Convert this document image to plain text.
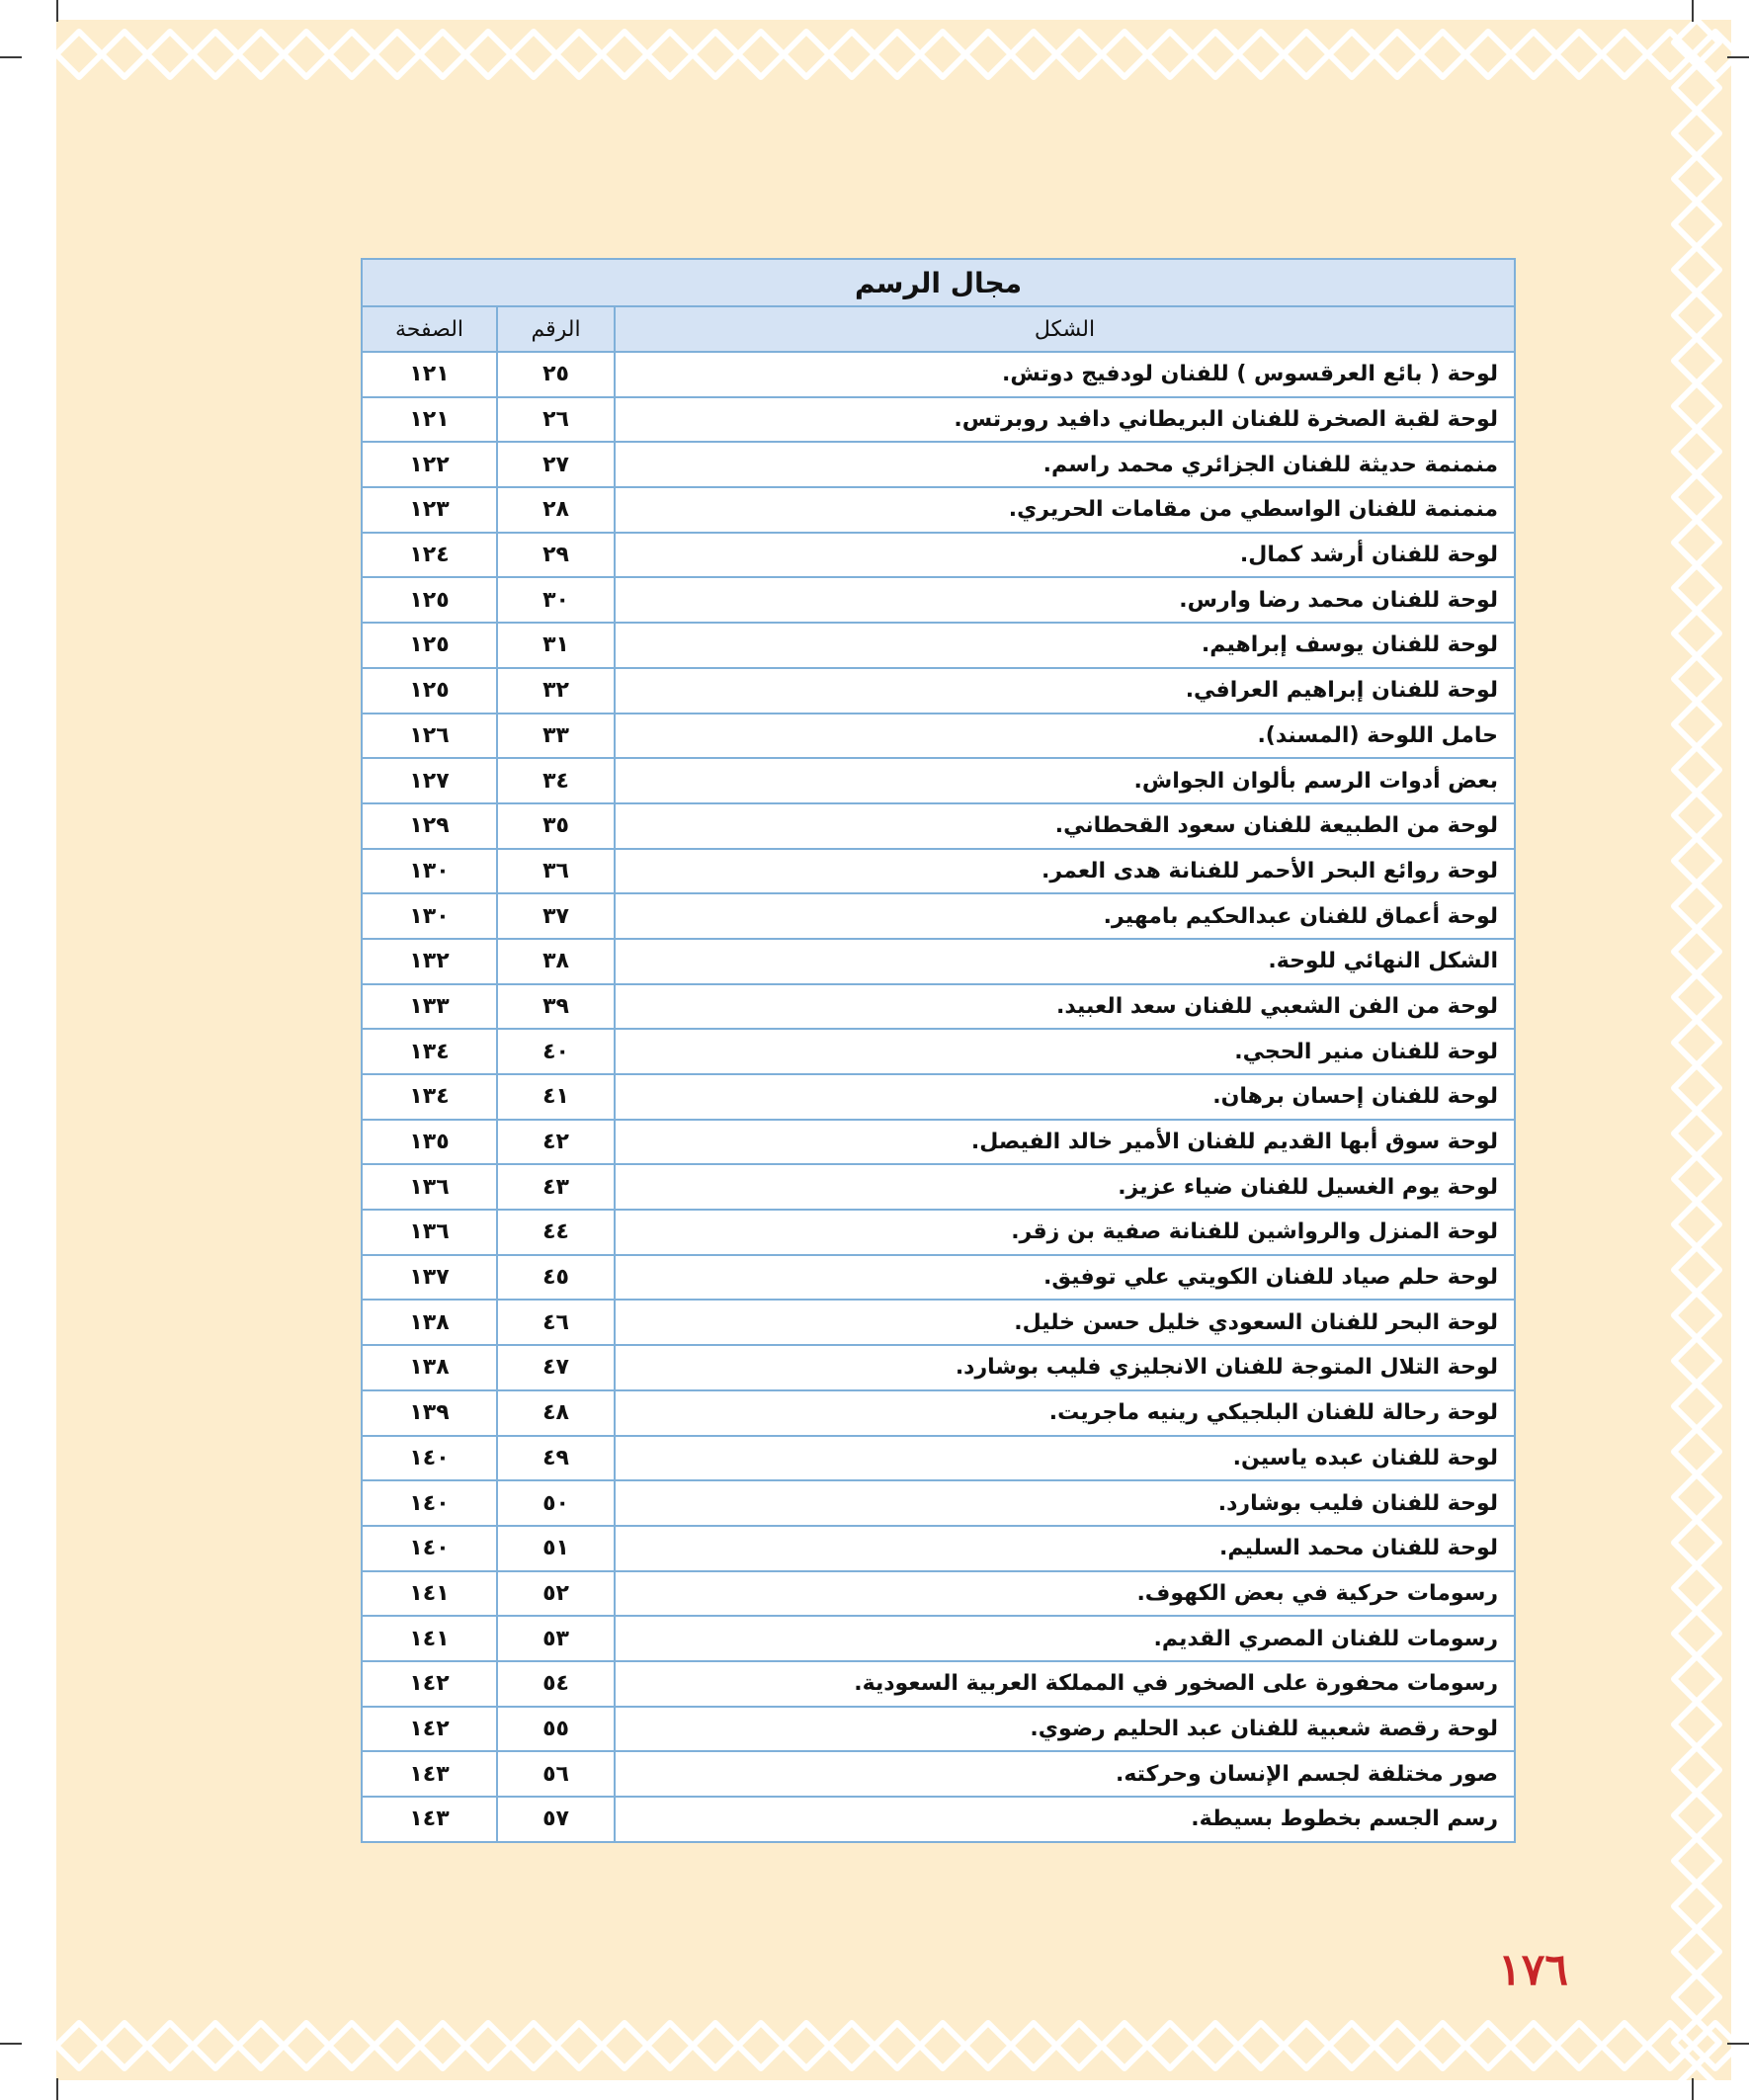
١٧٦
مجال الرسم		
الشكل	الرقم	الصفحة
لوحة ( بائع العرقسوس ) للفنان لودفيج دوتش.	٢٥	١٢١
لوحة لقبة الصخرة للفنان البريطاني دافيد روبرتس.	٢٦	١٢١
منمنمة حديثة للفنان الجزائري محمد راسم.	٢٧	١٢٢
منمنمة للفنان الواسطي من مقامات الحريري.	٢٨	١٢٣
لوحة للفنان أرشد كمال.	٢٩	١٢٤
لوحة للفنان محمد رضا وارس.	٣٠	١٢٥
لوحة للفنان يوسف إبراهيم.	٣١	١٢٥
لوحة للفنان إبراهيم العرافي.	٣٢	١٢٥
حامل اللوحة (المسند).	٣٣	١٢٦
بعض أدوات الرسم بألوان الجواش.	٣٤	١٢٧
لوحة من الطبيعة للفنان سعود القحطاني.	٣٥	١٢٩
لوحة روائع البحر الأحمر للفنانة هدى العمر.	٣٦	١٣٠
لوحة أعماق للفنان عبدالحكيم بامهير.	٣٧	١٣٠
الشكل النهائي للوحة.	٣٨	١٣٢
لوحة من الفن الشعبي للفنان سعد العبيد.	٣٩	١٣٣
لوحة للفنان منير الحجي.	٤٠	١٣٤
لوحة للفنان إحسان برهان.	٤١	١٣٤
لوحة سوق أبها القديم للفنان الأمير خالد الفيصل.	٤٢	١٣٥
لوحة يوم الغسيل للفنان ضياء عزيز.	٤٣	١٣٦
لوحة المنزل والرواشين للفنانة صفية بن زقر.	٤٤	١٣٦
لوحة حلم صياد للفنان الكويتي علي توفيق.	٤٥	١٣٧
لوحة البحر للفنان السعودي خليل حسن خليل.	٤٦	١٣٨
لوحة التلال المتوجة للفنان الانجليزي فليب بوشارد.	٤٧	١٣٨
لوحة رحالة للفنان البلجيكي رينيه ماجريت.	٤٨	١٣٩
لوحة للفنان عبده ياسين.	٤٩	١٤٠
لوحة للفنان فليب بوشارد.	٥٠	١٤٠
لوحة للفنان محمد السليم.	٥١	١٤٠
رسومات حركية في بعض الكهوف.	٥٢	١٤١
رسومات للفنان المصري القديم.	٥٣	١٤١
رسومات محفورة على الصخور في المملكة العربية السعودية.	٥٤	١٤٢
لوحة رقصة شعبية للفنان عبد الحليم رضوي.	٥٥	١٤٢
صور مختلفة لجسم الإنسان وحركته.	٥٦	١٤٣
رسم الجسم بخطوط بسيطة.	٥٧	١٤٣
